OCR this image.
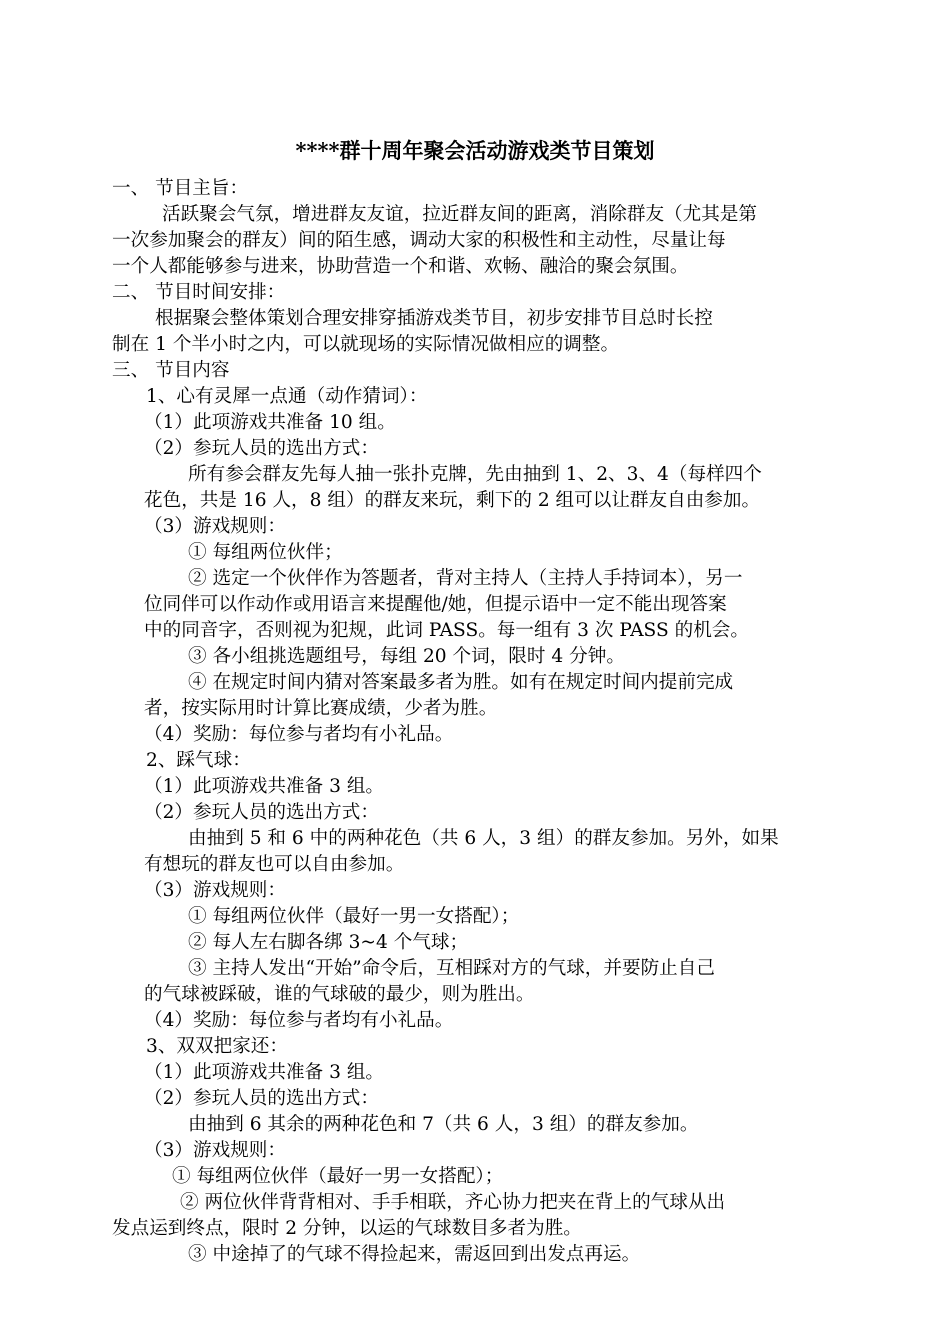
****群十周年聚会活动游戏类节目策划
一、 节目主旨：
活跃聚会气氛，增进群友友谊，拉近群友间的距离，消除群友（尤其是第
一次参加聚会的群友）间的陌生感，调动大家的积极性和主动性，尽量让每
一个人都能够参与进来，协助营造一个和谐、欢畅、融洽的聚会氛围。
二、 节目时间安排：
根据聚会整体策划合理安排穿插游戏类节目，初步安排节目总时长控
制在 1 个半小时之内，可以就现场的实际情况做相应的调整。
三、 节目内容
1、心有灵犀一点通（动作猜词）：
（1）此项游戏共准备 10 组。
（2）参玩人员的选出方式：
所有参会群友先每人抽一张扑克牌，先由抽到 1、2、3、4（每样四个
花色，共是 16 人，8 组）的群友来玩，剩下的 2 组可以让群友自由参加。
（3）游戏规则：
① 每组两位伙伴；
② 选定一个伙伴作为答题者，背对主持人（主持人手持词本），另一
位同伴可以作动作或用语言来提醒他/她，但提示语中一定不能出现答案
中的同音字，否则视为犯规，此词 PASS。每一组有 3 次 PASS 的机会。
③ 各小组挑选题组号，每组 20 个词，限时 4 分钟。
④ 在规定时间内猜对答案最多者为胜。如有在规定时间内提前完成
者，按实际用时计算比赛成绩，少者为胜。
（4）奖励：每位参与者均有小礼品。
2、踩气球：
（1）此项游戏共准备 3 组。
（2）参玩人员的选出方式：
由抽到 5 和 6 中的两种花色（共 6 人，3 组）的群友参加。另外，如果
有想玩的群友也可以自由参加。
（3）游戏规则：
① 每组两位伙伴（最好一男一女搭配）；
② 每人左右脚各绑 3~4 个气球；
③ 主持人发出“开始”命令后，互相踩对方的气球，并要防止自己
的气球被踩破，谁的气球破的最少，则为胜出。
（4）奖励：每位参与者均有小礼品。
3、双双把家还：
（1）此项游戏共准备 3 组。
（2）参玩人员的选出方式：
由抽到 6 其余的两种花色和 7（共 6 人，3 组）的群友参加。
（3）游戏规则：
① 每组两位伙伴（最好一男一女搭配）；
② 两位伙伴背背相对、手手相联，齐心协力把夹在背上的气球从出
发点运到终点，限时 2 分钟，以运的气球数目多者为胜。
③ 中途掉了的气球不得捡起来，需返回到出发点再运。
